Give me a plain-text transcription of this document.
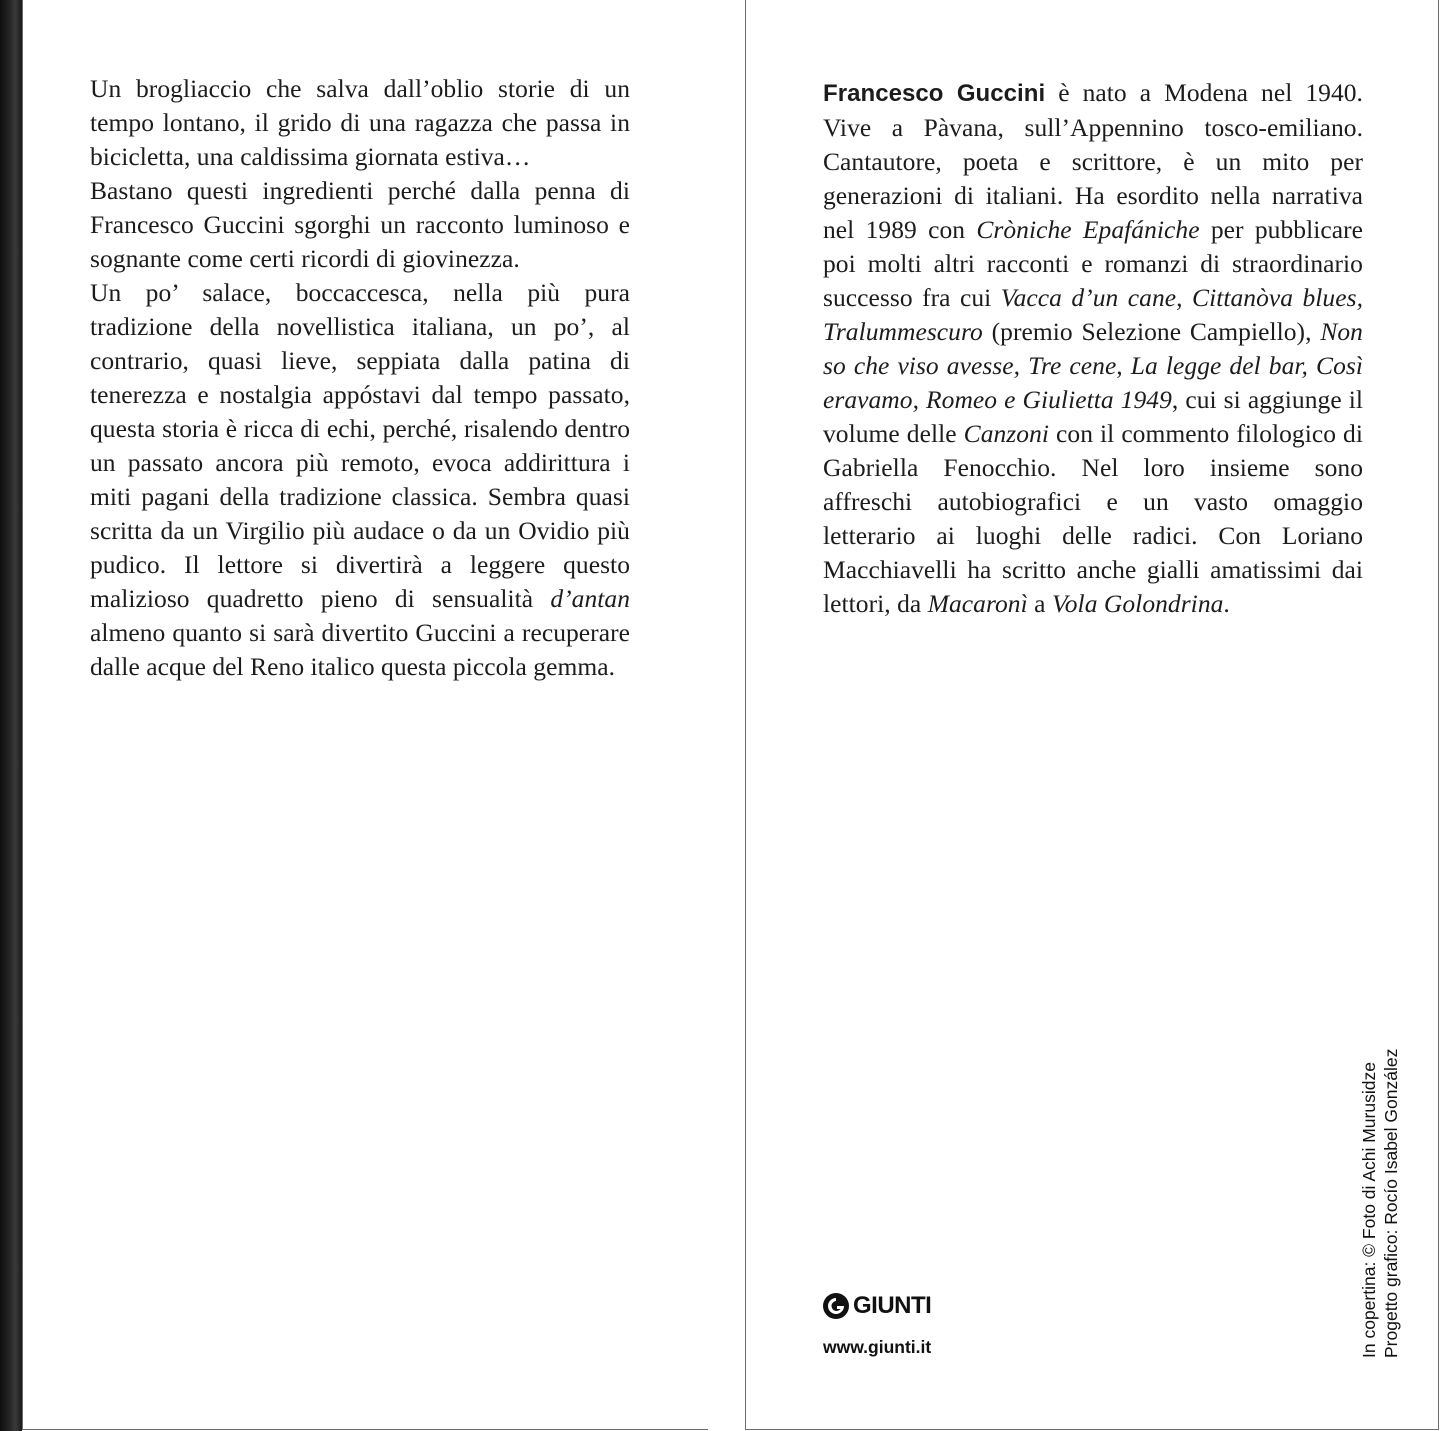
Un brogliaccio che salva dall’oblio storie di un tempo lontano, il grido di una ragazza che passa in bicicletta, una caldissima giornata estiva…

Bastano questi ingredienti perché dalla penna di Francesco Guccini sgorghi un racconto luminoso e sognante come certi ricordi di giovinezza.

Un po’ salace, boccaccesca, nella più pura tradizione della novellistica italiana, un po’, al contrario, quasi lieve, seppiata dalla patina di tenerezza e nostalgia appóstavi dal tempo passato, questa storia è ricca di echi, perché, risalendo dentro un passato ancora più remoto, evoca addirittura i miti pagani della tradizione classica. Sembra quasi scritta da un Virgilio più audace o da un Ovidio più pudico. Il lettore si divertirà a leggere questo malizioso quadretto pieno di sensualità d’antan almeno quanto si sarà divertito Guccini a recuperare dalle acque del Reno italico questa piccola gemma.

Francesco Guccini è nato a Modena nel 1940. Vive a Pàvana, sull’Appennino tosco-emiliano. Cantautore, poeta e scrittore, è un mito per generazioni di italiani. Ha esordito nella narrativa nel 1989 con Cròniche Epafániche per pubblicare poi molti altri racconti e romanzi di straordinario successo fra cui Vacca d’un cane, Cittanòva blues, Tralummescuro (premio Selezione Campiello), Non so che viso avesse, Tre cene, La legge del bar, Così eravamo, Romeo e Giulietta 1949, cui si aggiunge il volume delle Canzoni con il commento filologico di Gabriella Fenocchio. Nel loro insieme sono affreschi autobiografici e un vasto omaggio letterario ai luoghi delle radici. Con Loriano Macchiavelli ha scritto anche gialli amatissimi dai lettori, da Macaronì a Vola Golondrina.

GIUNTI
www.giunti.it	In copertina: © Foto di Achi Murusidze Progetto grafico: Rocío Isabel González
